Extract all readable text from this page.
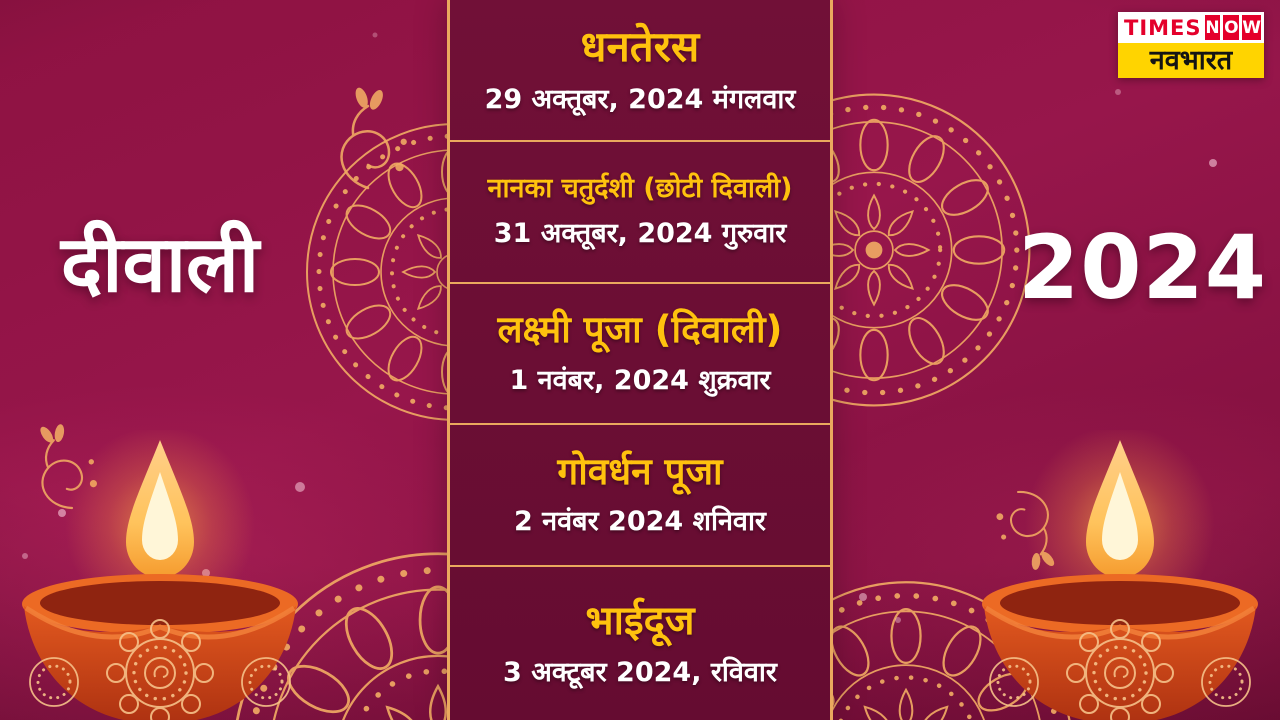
दीवाली	2024
TIMES N O W
नवभारत
धनतेरस
29 अक्तूबर, 2024 मंगलवार
नानका चतुर्दशी (छोटी दिवाली)
31 अक्तूबर, 2024 गुरुवार
लक्ष्मी पूजा (दिवाली)
1 नवंबर, 2024 शुक्रवार
गोवर्धन पूजा
2 नवंबर 2024 शनिवार
भाईदूज
3 अक्टूबर 2024, रविवार
